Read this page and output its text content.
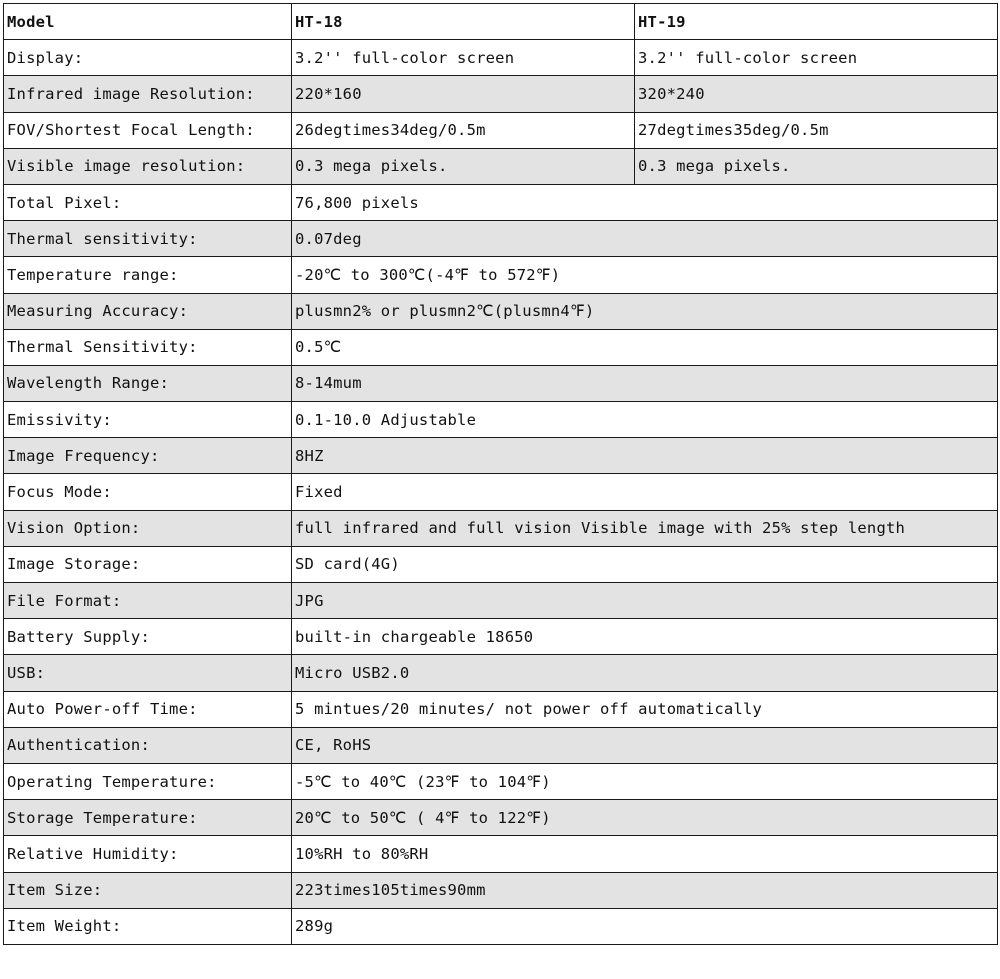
Model	HT-18	HT-19
Display:	3.2'' full-color screen	3.2'' full-color screen
Infrared image Resolution:	220*160	320*240
FOV/Shortest Focal Length:	26degtimes34deg/0.5m	27degtimes35deg/0.5m
Visible image resolution:	0.3 mega pixels.	0.3 mega pixels.
Total Pixel:	76,800 pixels	
Thermal sensitivity:	0.07deg	
Temperature range:	-20℃ to 300℃(-4℉ to 572℉)	
Measuring Accuracy:	plusmn2% or plusmn2℃(plusmn4℉)	
Thermal Sensitivity:	0.5℃	
Wavelength Range:	8-14mum	
Emissivity:	0.1-10.0 Adjustable	
Image Frequency:	8HZ	
Focus Mode:	Fixed	
Vision Option:	full infrared and full vision Visible image with 25% step length	
Image Storage:	SD card(4G)	
File Format:	JPG	
Battery Supply:	built-in chargeable 18650	
USB:	Micro USB2.0	
Auto Power-off Time:	5 mintues/20 minutes/ not power off automatically	
Authentication:	CE, RoHS	
Operating Temperature:	-5℃ to 40℃ (23℉ to 104℉)	
Storage Temperature:	20℃ to 50℃ ( 4℉ to 122℉)	
Relative Humidity:	10%RH to 80%RH	
Item Size:	223times105times90mm	
Item Weight:	289g	
